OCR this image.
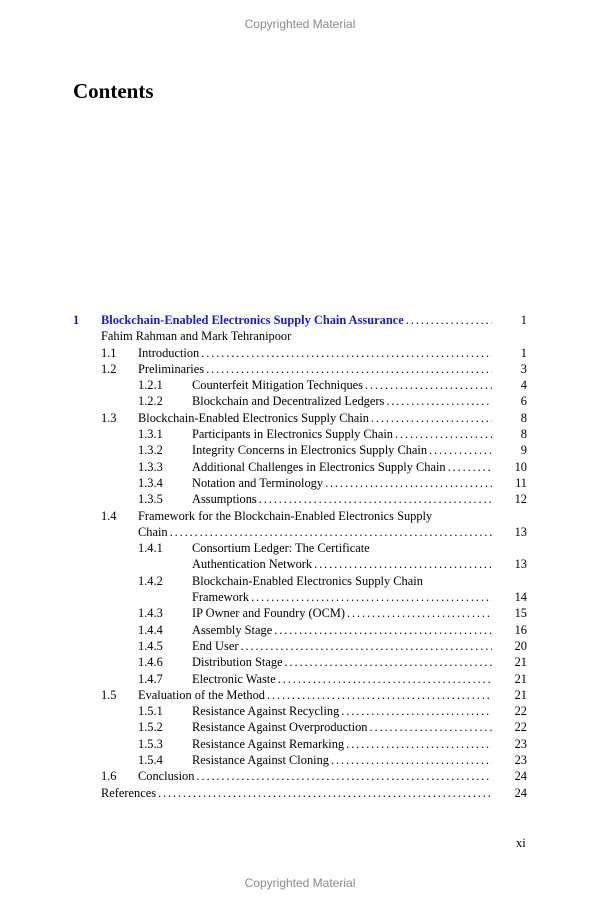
Copyrighted Material
Contents
1 Blockchain-Enabled Electronics Supply Chain Assurance . . .	1
Fahim Rahman and Mark Tehranipoor
1.1 Introduction . . .	1
1.2 Preliminaries . . .	3
1.2.1 Counterfeit Mitigation Techniques . . .	4
1.2.2 Blockchain and Decentralized Ledgers . . .	6
1.3 Blockchain-Enabled Electronics Supply Chain . . .	8
1.3.1 Participants in Electronics Supply Chain . . .	8
1.3.2 Integrity Concerns in Electronics Supply Chain . . .	9
1.3.3 Additional Challenges in Electronics Supply Chain . . .	10
1.3.4 Notation and Terminology . . .	11
1.3.5 Assumptions . . .	12
1.4 Framework for the Blockchain-Enabled Electronics Supply
Chain . . .	13
1.4.1 Consortium Ledger: The Certificate
Authentication Network . . .	13
1.4.2 Blockchain-Enabled Electronics Supply Chain
Framework . . .	14
1.4.3 IP Owner and Foundry (OCM) . . .	15
1.4.4 Assembly Stage . . .	16
1.4.5 End User . . .	20
1.4.6 Distribution Stage . . .	21
1.4.7 Electronic Waste . . .	21
1.5 Evaluation of the Method . . .	21
1.5.1 Resistance Against Recycling . . .	22
1.5.2 Resistance Against Overproduction . . .	22
1.5.3 Resistance Against Remarking . . .	23
1.5.4 Resistance Against Cloning . . .	23
1.6 Conclusion . . .	24
References . . .	24
xi
Copyrighted Material
